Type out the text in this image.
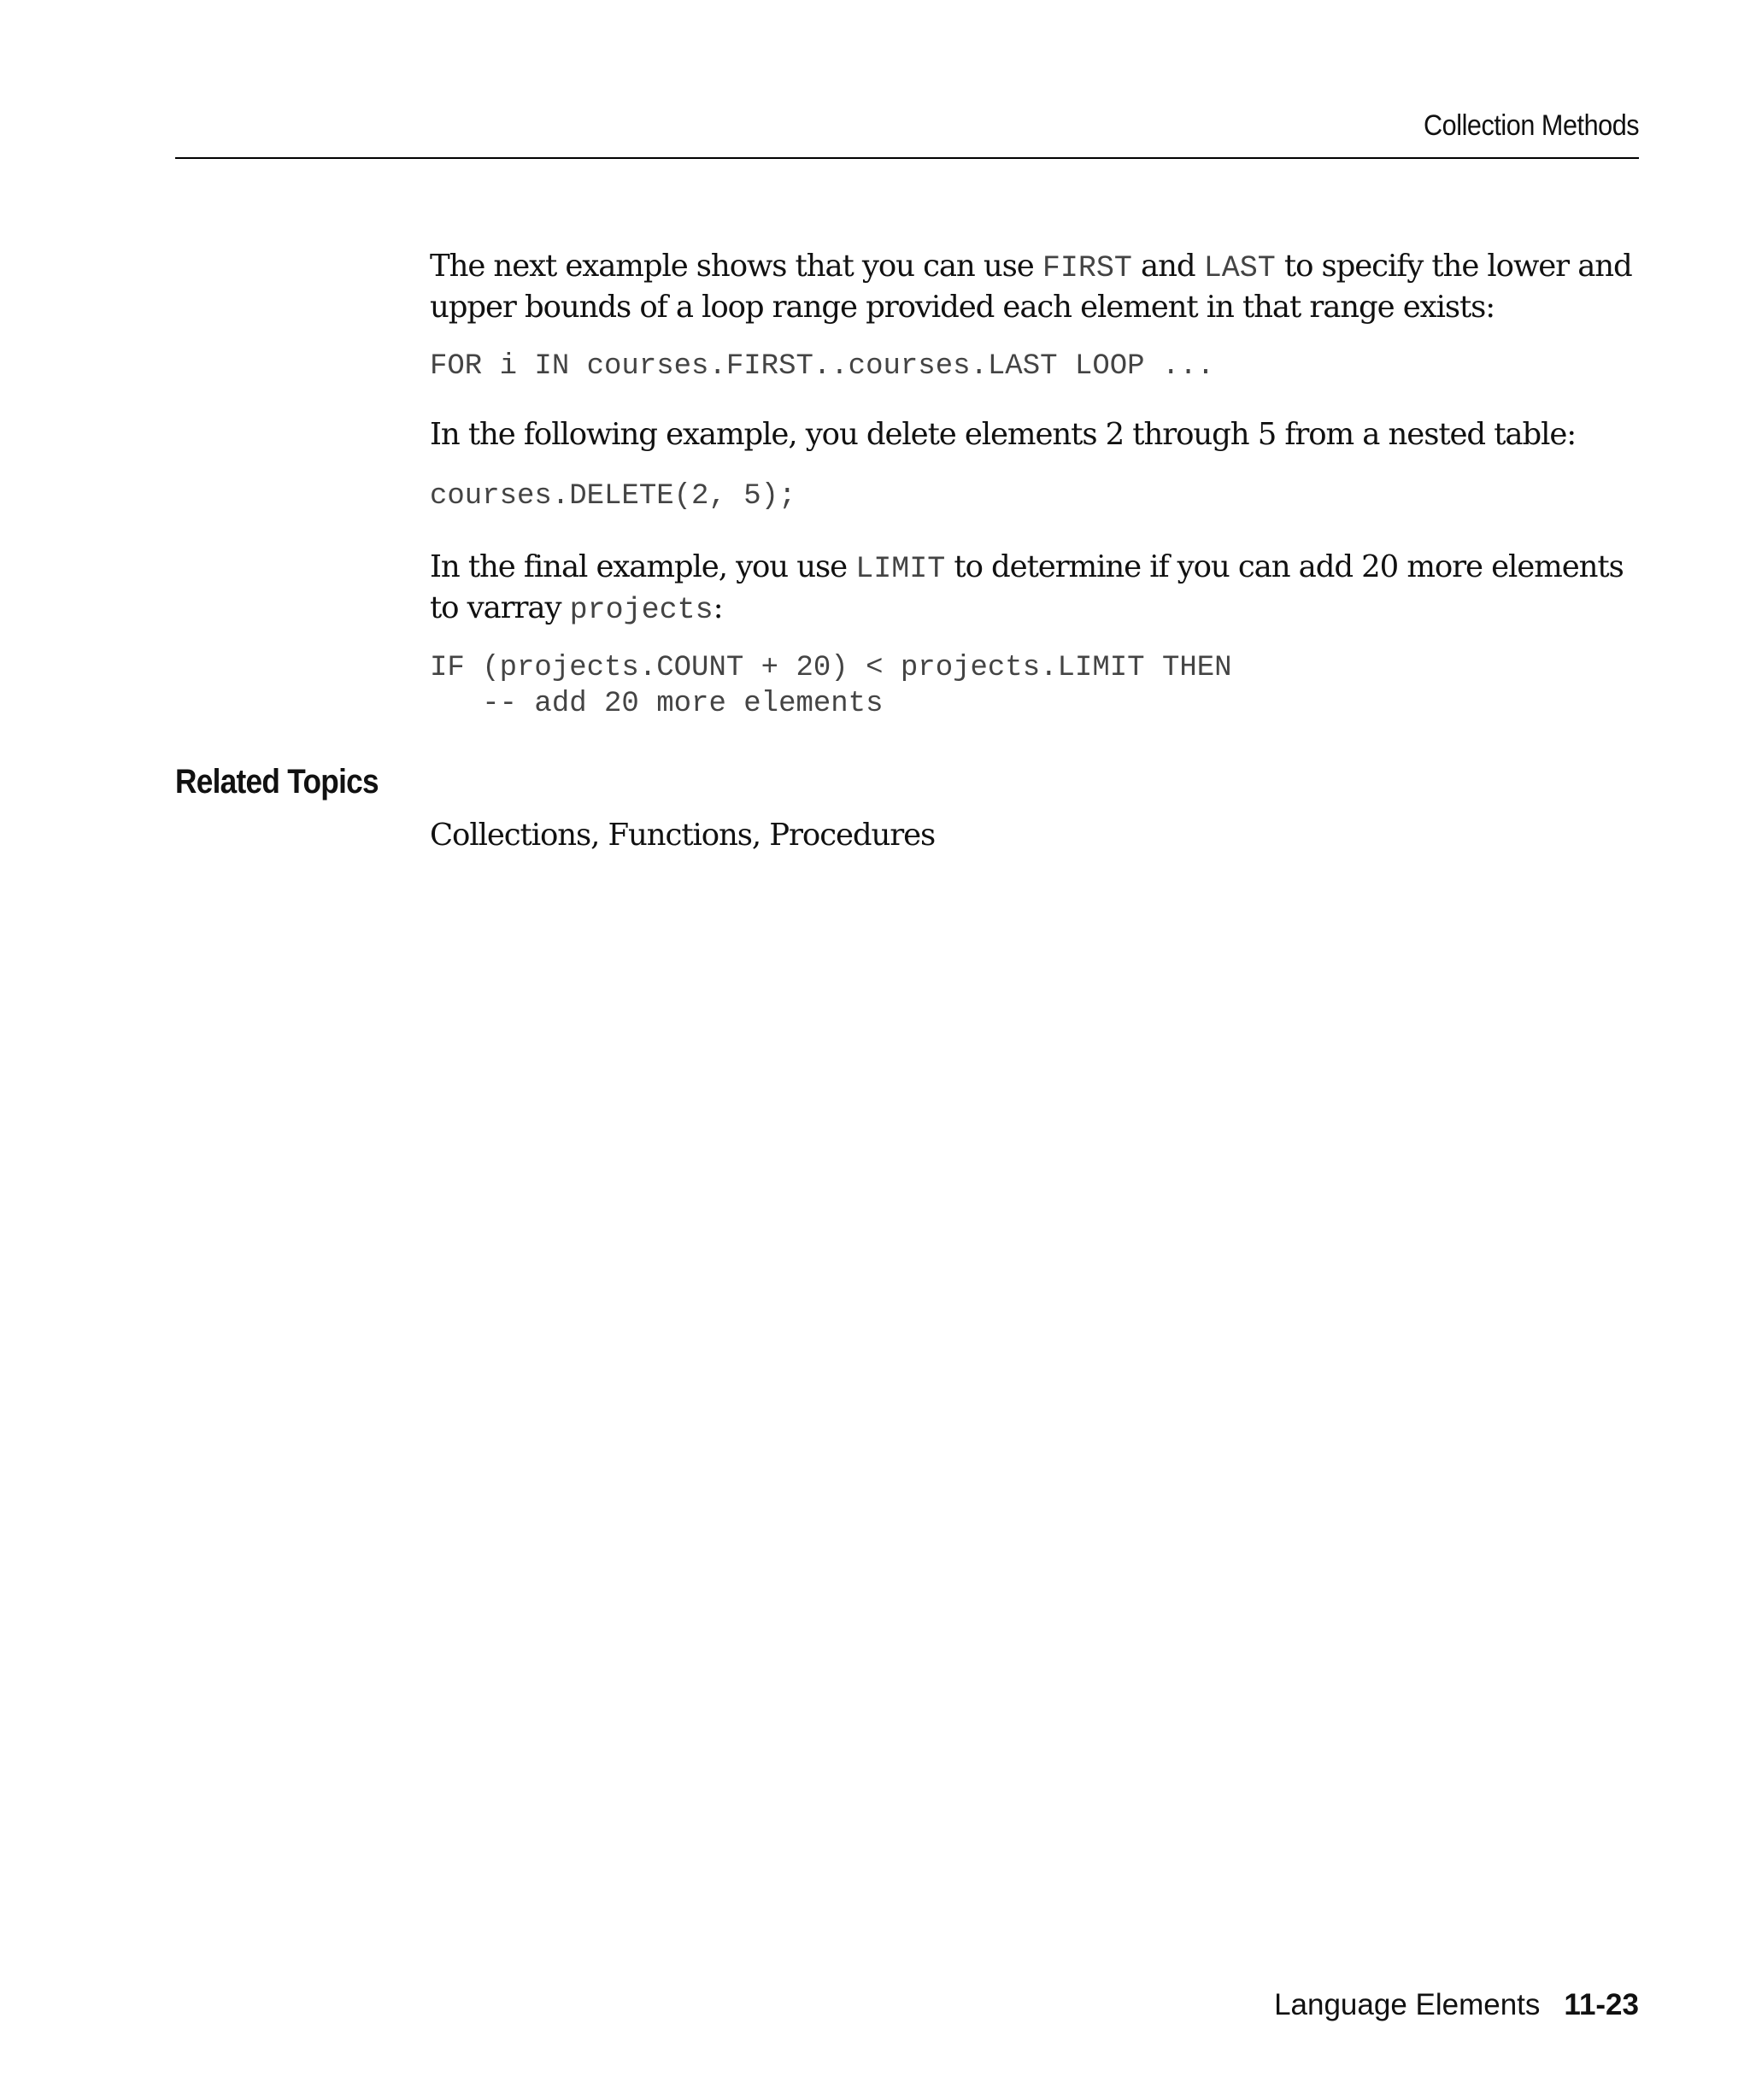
Collection Methods
The next example shows that you can use FIRST and LAST to specify the lower and upper bounds of a loop range provided each element in that range exists:
FOR i IN courses.FIRST..courses.LAST LOOP ...
In the following example, you delete elements 2 through 5 from a nested table:
courses.DELETE(2, 5);
In the final example, you use LIMIT to determine if you can add 20 more elements to varray projects:
IF (projects.COUNT + 20) < projects.LIMIT THEN
-- add 20 more elements
Related Topics
Collections, Functions, Procedures
Language Elements 11-23
